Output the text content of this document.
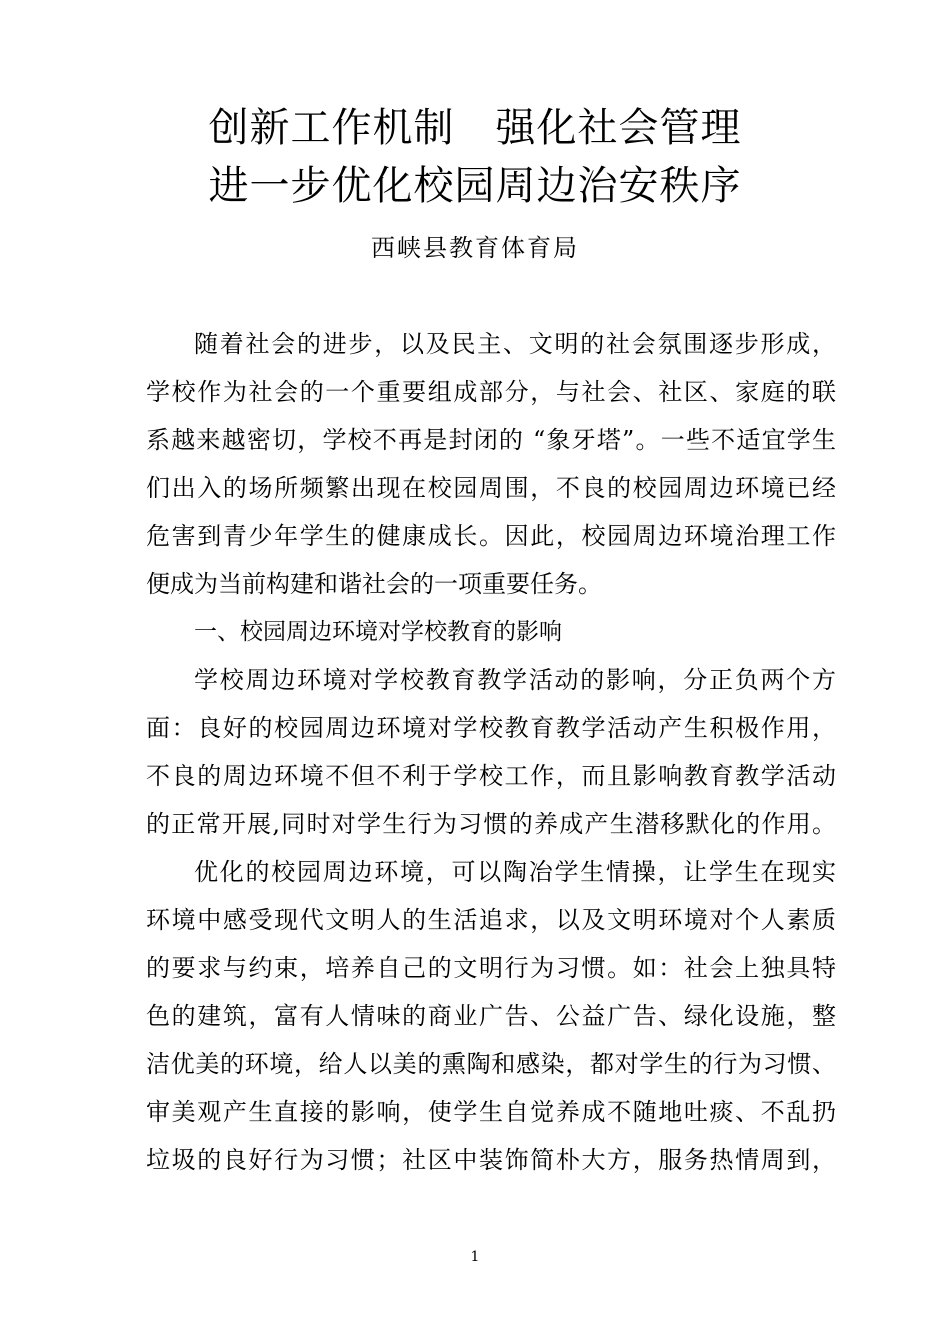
创新工作机制　强化社会管理
进一步优化校园周边治安秩序
西峡县教育体育局
随着社会的进步，以及民主、文明的社会氛围逐步形成，
学校作为社会的一个重要组成部分，与社会、社区、家庭的联
系越来越密切，学校不再是封闭的 “象牙塔”。一些不适宜学生
们出入的场所频繁出现在校园周围，不良的校园周边环境已经
危害到青少年学生的健康成长。因此，校园周边环境治理工作
便成为当前构建和谐社会的一项重要任务。
一、校园周边环境对学校教育的影响
学校周边环境对学校教育教学活动的影响，分正负两个方
面：良好的校园周边环境对学校教育教学活动产生积极作用，
不良的周边环境不但不利于学校工作，而且影响教育教学活动
的正常开展,同时对学生行为习惯的养成产生潜移默化的作用。
优化的校园周边环境，可以陶冶学生情操，让学生在现实
环境中感受现代文明人的生活追求，以及文明环境对个人素质
的要求与约束，培养自己的文明行为习惯。如：社会上独具特
色的建筑，富有人情味的商业广告、公益广告、绿化设施，整
洁优美的环境，给人以美的熏陶和感染，都对学生的行为习惯、
审美观产生直接的影响，使学生自觉养成不随地吐痰、不乱扔
垃圾的良好行为习惯；社区中装饰简朴大方，服务热情周到，
1
